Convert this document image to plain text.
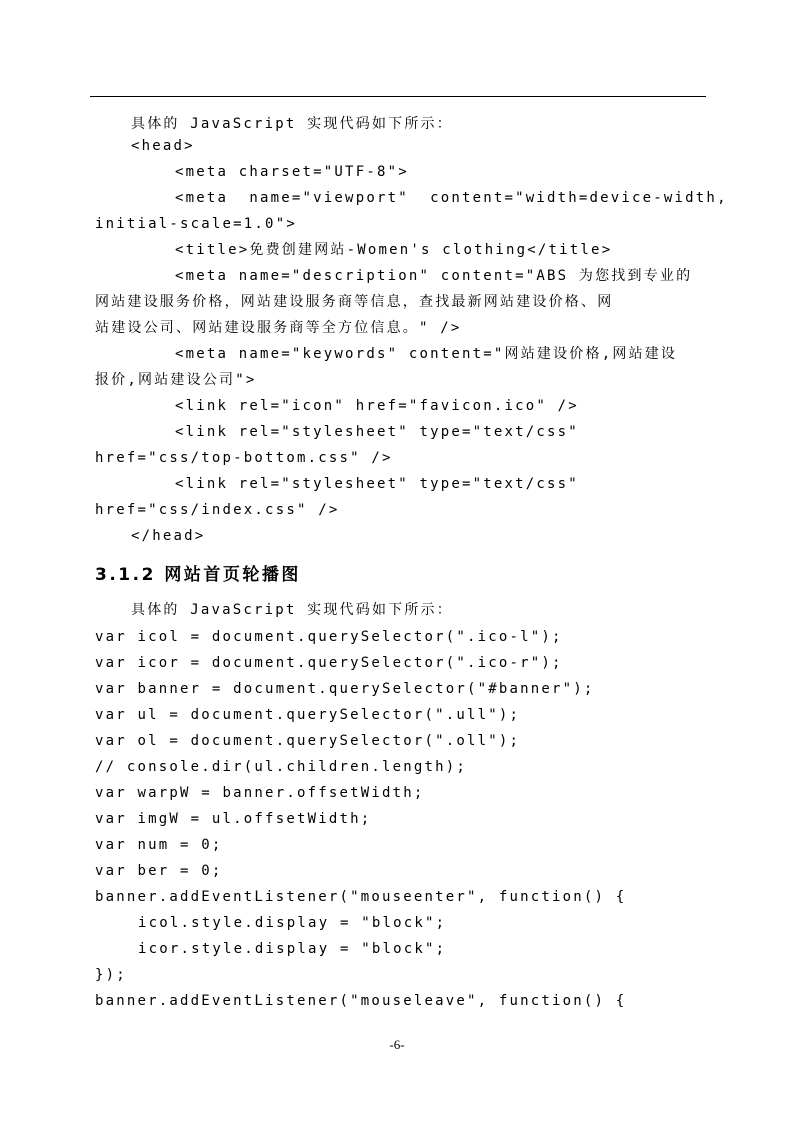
具体的 JavaScript 实现代码如下所示：
<head>
<meta charset="UTF-8">
<meta  name="viewport"  content="width=device-width,
initial-scale=1.0">
<title>免费创建网站-Women's clothing</title>
<meta name="description" content="ABS 为您找到专业的
网站建设服务价格，网站建设服务商等信息，查找最新网站建设价格、网
站建设公司、网站建设服务商等全方位信息。" />
<meta name="keywords" content="网站建设价格,网站建设
报价,网站建设公司">
<link rel="icon" href="favicon.ico" />
<link rel="stylesheet" type="text/css"
href="css/top-bottom.css" />
<link rel="stylesheet" type="text/css"
href="css/index.css" />
</head>
3.1.2 网站首页轮播图
具体的 JavaScript 实现代码如下所示：
var icol = document.querySelector(".ico-l");
var icor = document.querySelector(".ico-r");
var banner = document.querySelector("#banner");
var ul = document.querySelector(".ull");
var ol = document.querySelector(".oll");
// console.dir(ul.children.length);
var warpW = banner.offsetWidth;
var imgW = ul.offsetWidth;
var num = 0;
var ber = 0;
banner.addEventListener("mouseenter", function() {
icol.style.display = "block";
icor.style.display = "block";
});
banner.addEventListener("mouseleave", function() {
-6-
